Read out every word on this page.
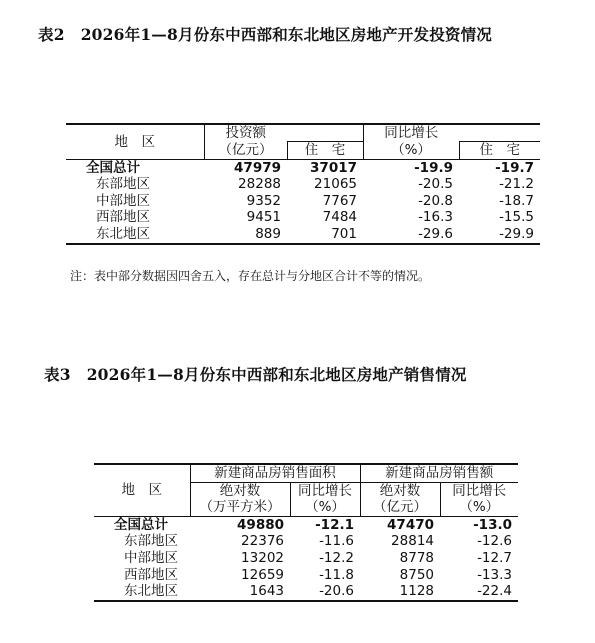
表2 2026年1—8月份东中西部和东北地区房地产开发投资情况
地　区	投资额		同比增长	
	（亿元）	住　宅	（%）	住　宅
全国总计	47979	37017	-19.9	-19.7
东部地区	28288	21065	-20.5	-21.2
中部地区	9352	7767	-20.8	-18.7
西部地区	9451	7484	-16.3	-15.5
东北地区	889	701	-29.6	-29.9
注：表中部分数据因四舍五入，存在总计与分地区合计不等的情况。
表3 2026年1—8月份东中西部和东北地区房地产销售情况
地　区	新建商品房销售面积		新建商品房销售额	
	绝对数	同比增长	绝对数	同比增长
	（万平方米）	（%）	（亿元）	（%）
全国总计	49880	-12.1	47470	-13.0
东部地区	22376	-11.6	28814	-12.6
中部地区	13202	-12.2	8778	-12.7
西部地区	12659	-11.8	8750	-13.3
东北地区	1643	-20.6	1128	-22.4
